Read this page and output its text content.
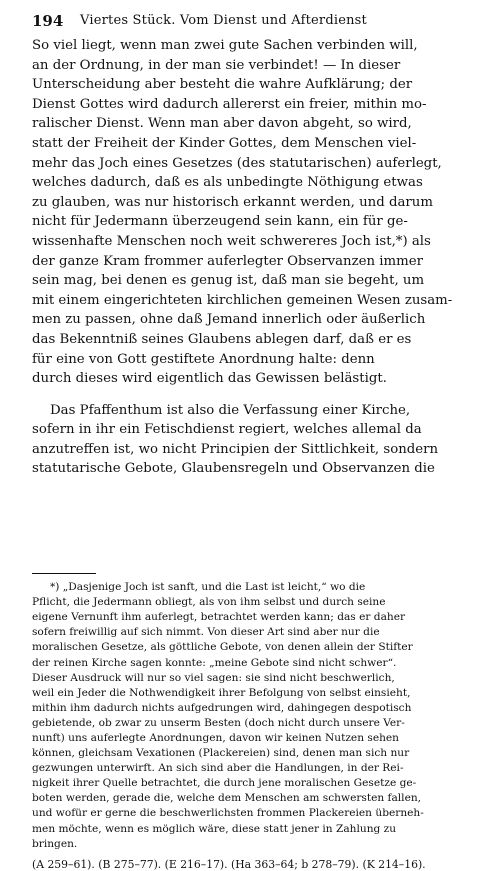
194 Viertes Stück. Vom Dienst und Afterdienst
So viel liegt, wenn man zwei gute Sachen verbinden will,
an der Ordnung, in der man sie verbindet! — In dieser
Unterscheidung aber besteht die wahre Aufklärung; der
Dienst Gottes wird dadurch allererst ein freier, mithin mo-
ralischer Dienst. Wenn man aber davon abgeht, so wird,
statt der Freiheit der Kinder Gottes, dem Menschen viel-
mehr das Joch eines Gesetzes (des statutarischen) auferlegt,
welches dadurch, daß es als unbedingte Nöthigung etwas
zu glauben, was nur historisch erkannt werden, und darum
nicht für Jedermann überzeugend sein kann, ein für ge-
wissenhafte Menschen noch weit schwereres Joch ist,*) als
der ganze Kram frommer auferlegter Observanzen immer
sein mag, bei denen es genug ist, daß man sie begeht, um
mit einem eingerichteten kirchlichen gemeinen Wesen zusam-
men zu passen, ohne daß Jemand innerlich oder äußerlich
das Bekenntniß seines Glaubens ablegen darf, daß er es
für eine von Gott gestiftete Anordnung halte: denn
durch dieses wird eigentlich das Gewissen belästigt.
Das Pfaffenthum ist also die Verfassung einer Kirche,
sofern in ihr ein Fetischdienst regiert, welches allemal da
anzutreffen ist, wo nicht Principien der Sittlichkeit, sondern
statutarische Gebote, Glaubensregeln und Observanzen die
*) „Dasjenige Joch ist sanft, und die Last ist leicht,“ wo die
Pflicht, die Jedermann obliegt, als von ihm selbst und durch seine
eigene Vernunft ihm auferlegt, betrachtet werden kann; das er daher
sofern freiwillig auf sich nimmt. Von dieser Art sind aber nur die
moralischen Gesetze, als göttliche Gebote, von denen allein der Stifter
der reinen Kirche sagen konnte: „meine Gebote sind nicht schwer“.
Dieser Ausdruck will nur so viel sagen: sie sind nicht beschwerlich,
weil ein Jeder die Nothwendigkeit ihrer Befolgung von selbst einsieht,
mithin ihm dadurch nichts aufgedrungen wird, dahingegen despotisch
gebietende, ob zwar zu unserm Besten (doch nicht durch unsere Ver-
nunft) uns auferlegte Anordnungen, davon wir keinen Nutzen sehen
können, gleichsam Vexationen (Plackereien) sind, denen man sich nur
gezwungen unterwirft. An sich sind aber die Handlungen, in der Rei-
nigkeit ihrer Quelle betrachtet, die durch jene moralischen Gesetze ge-
boten werden, gerade die, welche dem Menschen am schwersten fallen,
und wofür er gerne die beschwerlichsten frommen Plackereien überneh-
men möchte, wenn es möglich wäre, diese statt jener in Zahlung zu
bringen.
(A 259–61). (B 275–77). (E 216–17). (Ha 363–64; b 278–79). (K 214–16).
